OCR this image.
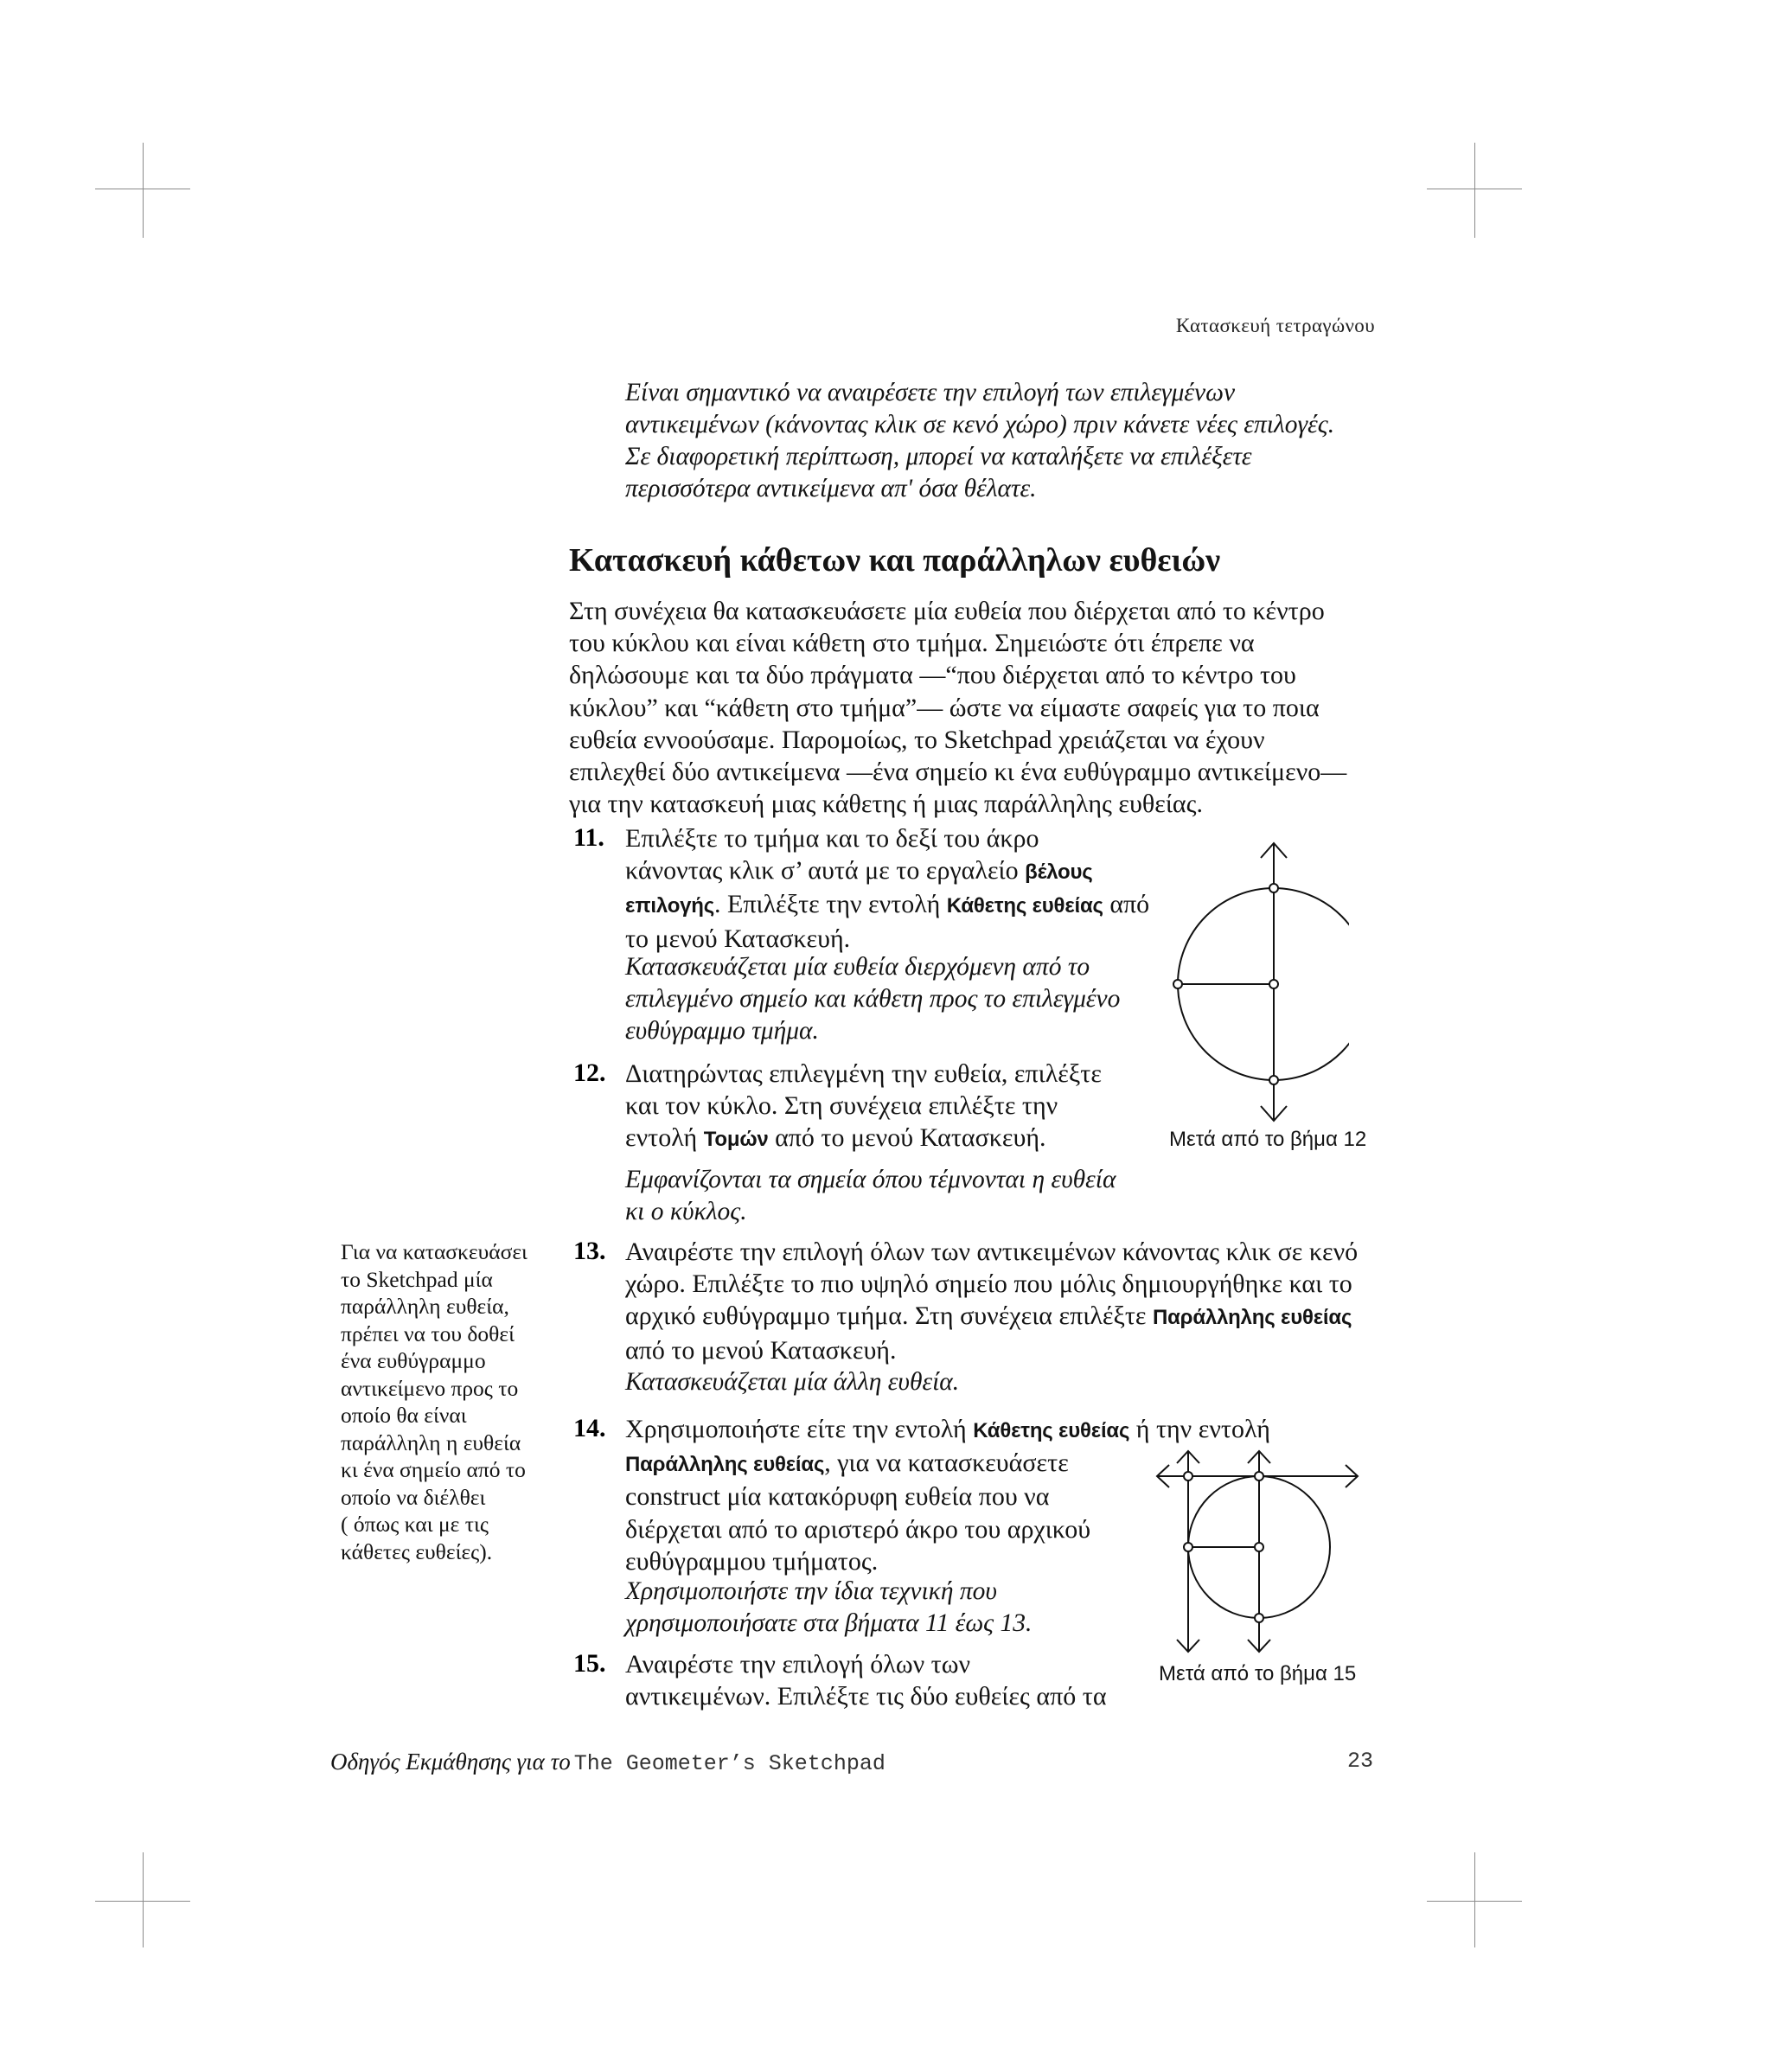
Κατασκευή τετραγώνου
Είναι σημαντικό να αναιρέσετε την επιλογή των επιλεγμένων
αντικειμένων (κάνοντας κλικ σε κενό χώρο) πριν κάνετε νέες επιλογές.
Σε διαφορετική περίπτωση, μπορεί να καταλήξετε να επιλέξετε
περισσότερα αντικείμενα απ' όσα θέλατε.
Κατασκευή κάθετων και παράλληλων ευθειών
Στη συνέχεια θα κατασκευάσετε μία ευθεία που διέρχεται από το κέντρο
του κύκλου και είναι κάθετη στο τμήμα. Σημειώστε ότι έπρεπε να
δηλώσουμε και τα δύο πράγματα —“που διέρχεται από το κέντρο του
κύκλου” και “κάθετη στο τμήμα”— ώστε να είμαστε σαφείς για το ποια
ευθεία εννοούσαμε. Παρομοίως, το Sketchpad χρειάζεται να έχουν
επιλεχθεί δύο αντικείμενα —ένα σημείο κι ένα ευθύγραμμο αντικείμενο—
για την κατασκευή μιας κάθετης ή μιας παράλληλης ευθείας.
11. Επιλέξτε το τμήμα και το δεξί του άκρο
κάνοντας κλικ σ’ αυτά με το εργαλείο βέλους
επιλογής. Επιλέξτε την εντολή Κάθετης ευθείας από
το μενού Κατασκευή.
Κατασκευάζεται μία ευθεία διερχόμενη από το
επιλεγμένο σημείο και κάθετη προς το επιλεγμένο
ευθύγραμμο τμήμα.
12. Διατηρώντας επιλεγμένη την ευθεία, επιλέξτε
και τον κύκλο. Στη συνέχεια επιλέξτε την
εντολή Τομών από το μενού Κατασκευή.
Εμφανίζονται τα σημεία όπου τέμνονται η ευθεία
κι ο κύκλος.
13. Αναιρέστε την επιλογή όλων των αντικειμένων κάνοντας κλικ σε κενό
χώρο. Επιλέξτε το πιο υψηλό σημείο που μόλις δημιουργήθηκε και το
αρχικό ευθύγραμμο τμήμα. Στη συνέχεια επιλέξτε Παράλληλης ευθείας
από το μενού Κατασκευή.
Κατασκευάζεται μία άλλη ευθεία.
14. Χρησιμοποιήστε είτε την εντολή Κάθετης ευθείας ή την εντολή
Παράλληλης ευθείας, για να κατασκευάσετε
construct μία κατακόρυφη ευθεία που να
διέρχεται από το αριστερό άκρο του αρχικού
ευθύγραμμου τμήματος.
Χρησιμοποιήστε την ίδια τεχνική που
χρησιμοποιήσατε στα βήματα 11 έως 13.
15. Αναιρέστε την επιλογή όλων των
αντικειμένων. Επιλέξτε τις δύο ευθείες από τα
Για να κατασκευάσει
το Sketchpad μία
παράλληλη ευθεία,
πρέπει να του δοθεί
ένα ευθύγραμμο
αντικείμενο προς το
οποίο θα είναι
παράλληλη η ευθεία
κι ένα σημείο από το
οποίο να διέλθει
( όπως και με τις
κάθετες ευθείες).
Μετά από το βήμα 12
Μετά από το βήμα 15
Οδηγός Εκμάθησης για το The Geometer’s Sketchpad	23
